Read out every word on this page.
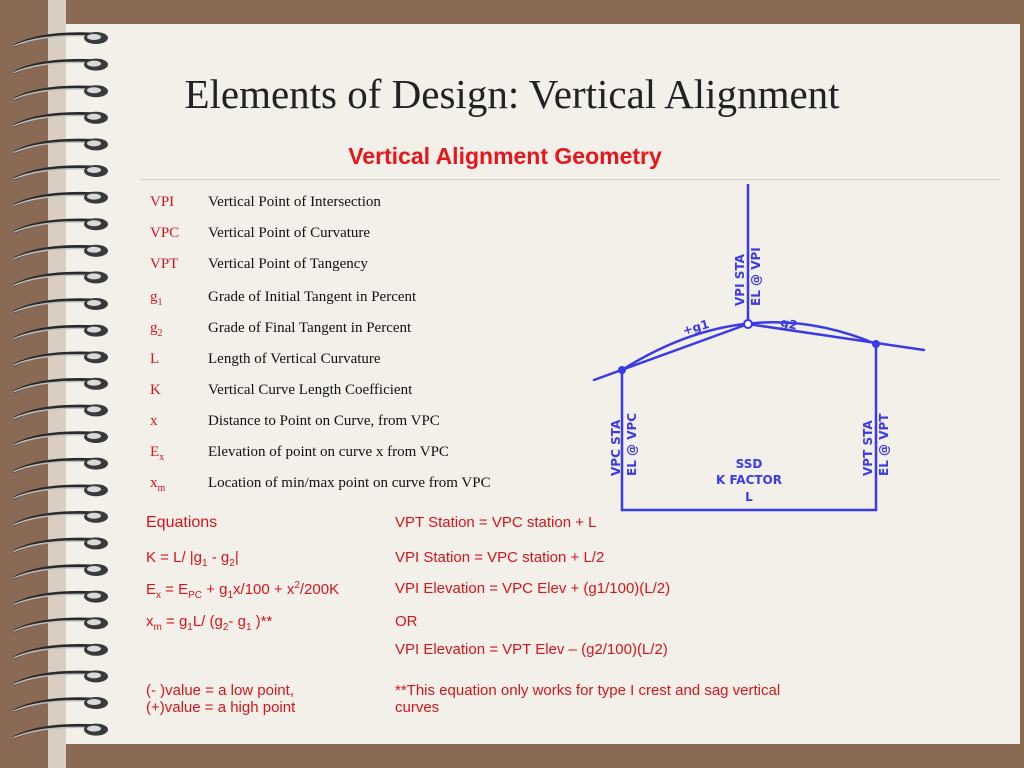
Elements of Design: Vertical Alignment
Vertical Alignment Geometry
VPI Vertical Point of Intersection
VPC Vertical Point of Curvature
VPT Vertical Point of Tangency
$g_1$	Grade of Initial Tangent in Percent
$g_2$	Grade of Final Tangent in Percent
L	Length of Vertical Curvature
K	Vertical Curve Length Coefficient
x	Distance to Point on Curve, from VPC
$E_x$	Elevation of point on curve x from VPC
$x_m$	Location of min/max point on curve from VPC
Equations
K = L/ $|g_1 - g_2|$
$E_x = E_{PC} + g_1x/100 + x^2/200K$
$x_m = g_1L/$ ($g_2-$ $g_1$ )**
(- )value = a low point,
(+)value = a high point
VPT Station = VPC station + L
VPI Station = VPC station + L/2
VPI Elevation = VPC Elev + (g1/100)(L/2)
OR
VPI Elevation = VPT Elev – (g2/100)(L/2)
**This equation only works for type I crest and sag vertical
curves
VPI STA EL @ VPI
VPC STA EL @ VPC	VPT STA EL @ VPT
+g1	-g2
SSD
K FACTOR
L
